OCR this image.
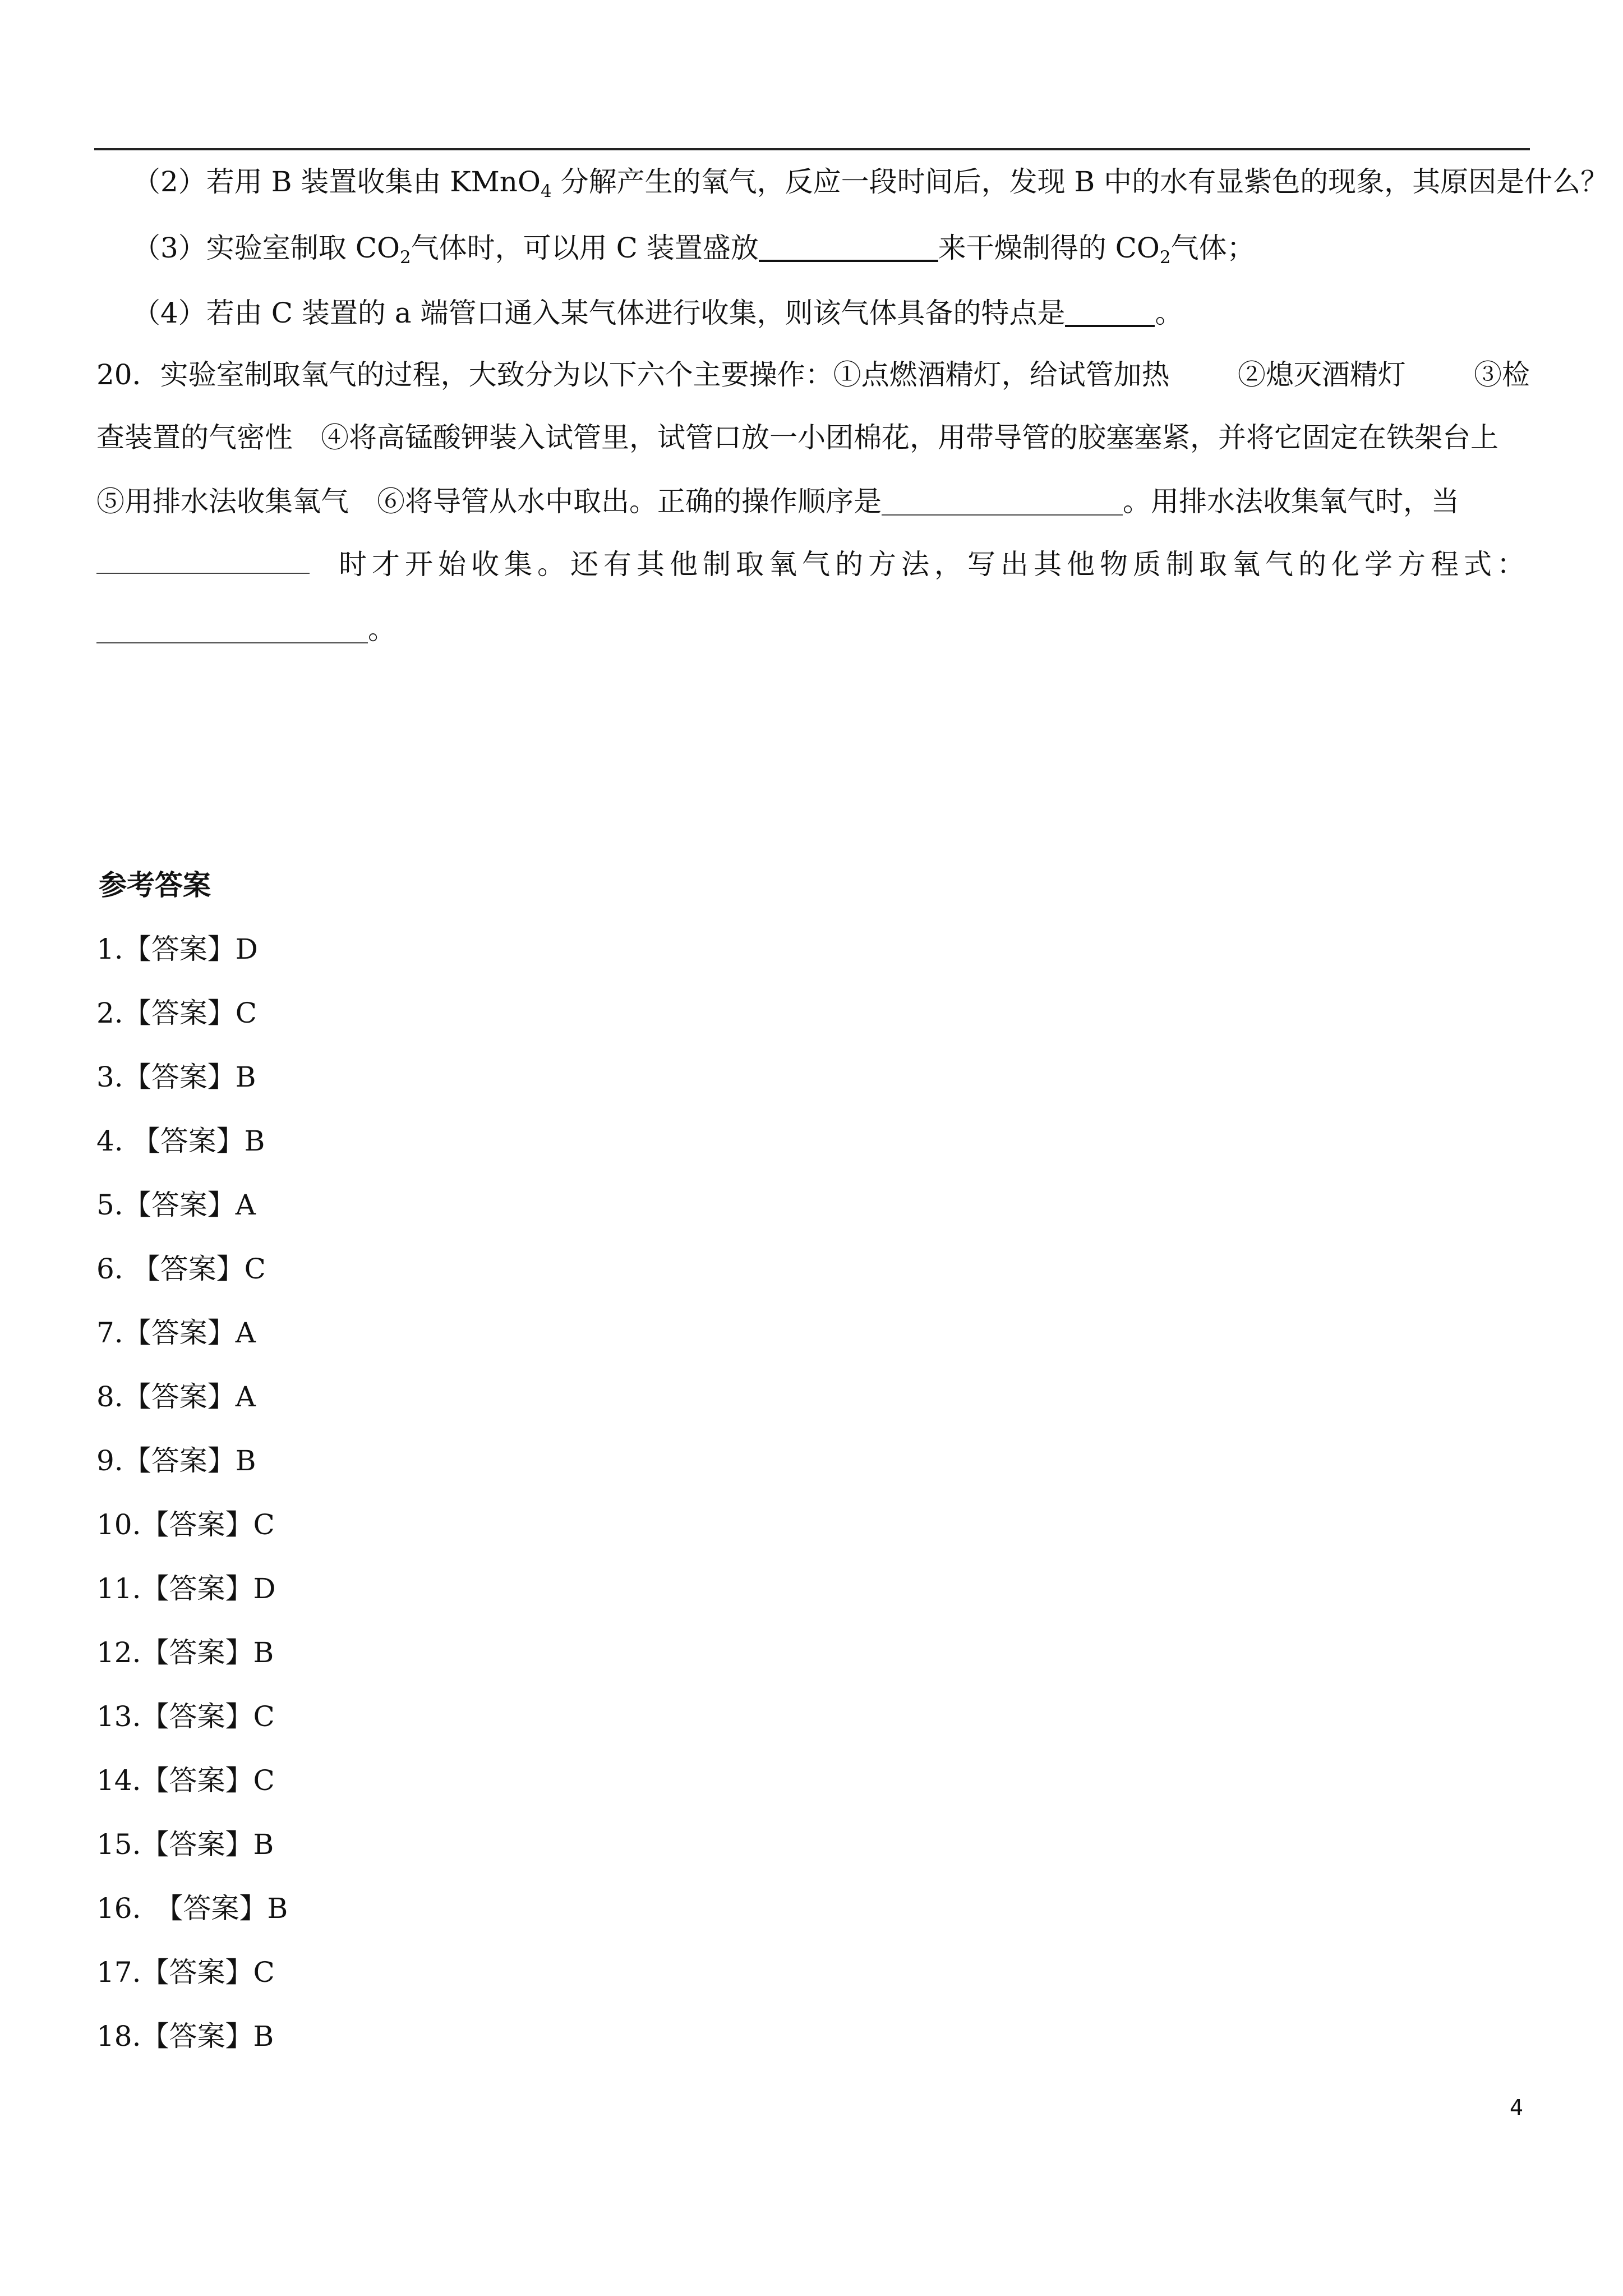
（2）若用 B 装置收集由 KMnO$_4$ 分解产生的氧气，反应一段时间后，发现 B 中的水有显紫色的现象，其原因是什么？
（3）实验室制取 $CO_2$气体时，可以用 C 装置盛放	来干燥制得的 $CO_2$气体；
（4）若由 C 装置的 a 端管口通入某气体进行收集，则该气体具备的特点是	。
20．实验室制取氧气的过程，大致分为以下六个主要操作：①点燃酒精灯，给试管加热 ②熄灭酒精灯 ③检
查装置的气密性　④将高锰酸钾装入试管里，试管口放一小团棉花，用带导管的胶塞塞紧，并将它固定在铁架台上
⑤用排水法收集氧气　⑥将导管从水中取出。正确的操作顺序是	。用排水法收集氧气时，当
时才开始收集。还有其他制取氧气的方法，写出其他物质制取氧气的化学方程式：
。
参考答案
1.【答案】D
2.【答案】C
3.【答案】B
4. 【答案】B
5.【答案】A
6. 【答案】C
7.【答案】A
8.【答案】A
9.【答案】B
10.【答案】C
11.【答案】D
12.【答案】B
13.【答案】C
14.【答案】C
15.【答案】B
16.　【答案】B
17.【答案】C
18.【答案】B
4
